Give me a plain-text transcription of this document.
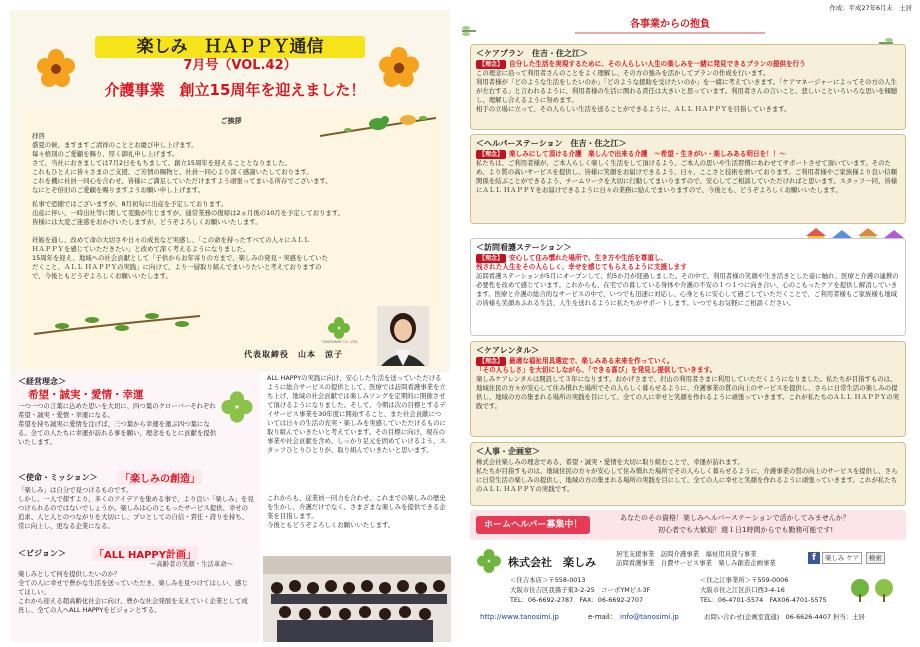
作成：平成27年6月末　土居
楽しみ　ＨＡＰＰＹ通信
7月号（VOL.42）
介護事業　創立15周年を迎えました！
ご挨拶
拝啓
盛夏の候、ますますご清祥のこととお慶び申し上げます。
毎々格別のご愛顧を賜り、厚く御礼申し上げます。
さて、当社におきましては7月2日をもちまして、創立15周年を迎えることとなりました。
これもひとえに皆々さまのご支援、ご芳情の賜物と、社員一同心より深く感謝いたしております。
これを機に社員一同心を合わせ、皆様にご満足していただけますよう頑張ってまいる所存でございます。
なにとぞ倍旧のご愛顧を賜りますようお願い申し上げます。
私事で恐縮ではございますが、8月初旬に出産を予定しております。
出産に伴い、一時出社等に関して変動が生じますが、通常業務の復帰は2ヵ月後の10月を予定しております。
皆様には大変ご迷惑をおかけいたしますが、どうぞよろしくお願いいたします。
妊娠を通し、改めて命の大切さや日々の成長など実感し、「この命を持ったすべての人々にＡＬＬ
ＨＡＰＰＹを感じていただきたい」と改めて深く考えるようになりました。
15周年を迎え、地域への社会貢献として「子供からお年寄りの方まで、楽しみの発見・実感をしていた
だくこと、ＡＬＬ ＨＡＰＰＹの実践」に向けて、より一層取り組んでまいりたいと考えておりますの
で、今後ともどうぞよろしくお願いいたします。
TANOSHIMI CO., LTD.
代表取締役　山本　涼子
＜経営理念＞
希望・誠実・愛情・幸運
一つ一つの言葉に込めた思いを大切に、四つ葉のクローバーそれぞれ希望・誠実・愛情・幸運になる。
希望を持ち誠実に愛情を注げば、三つ葉から幸運を運ぶ四つ葉になる。全ての人たちに幸運が訪れる事を願い、理念をもとに貢献を提供いたします。
＜使命・ミッション＞ 「楽しみの創造」
「楽しみ」は自分で見つけるものです。
しかし、一人で探すより、多くのアイデアを集める事で、より良い「楽しみ」を見つけられるのではないでしょうか。楽しみは心のこもったサービス提供、幸せの追求、人と人とのつながりを大切にし、プロとしての自信・責任・誇りを持ち、常に向上し、更なる企業になる。
＜ビジョン＞	「ALL HAPPY計画」
～高齢者の笑顔・生活革命～
楽しみとして何を提供したいのか？
全ての人に幸せで豊かな生活を送っていただき、楽しみを見つけてほしい、感じてほしい。
これから迎える超高齢化社会に向け、豊かな社会発展を支えていく企業として成長し、全ての人へALL HAPPYをビジョンとする。
ALL HAPPYの実践に向け、安心した生活を送っていただけるように総合サービスの提供として、医療では訪問看護事業を立ち上げ、地域の社会貢献では楽しみソングを定期的に開催させて頂けるようになりました。そして、今期は次の目標とするデイサービス事業を30年度に開始すること、また社会貢献については日々の生活の充実・楽しみを実感していただけるものに取り組んでいきたいと考えています。その目標に向け、現在の事業や社会貢献を含め、しっかり足元を固めていけるよう、スタッフひとりひとりが、取り組んでいきたいと思います。
これからも、従業員一同力を合わせ、これまでの楽しみの歴史を生かし、介護だけでなく、さまざまな楽しみを提供できる企業を目指します。
今後ともどうぞよろしくお願いいたします。
各事業からの抱負
＜ケアプラン　住吉・住之江＞
【理念】 自分した生活を実現するために、その人らしい人生の楽しみを一緒に発見できるプランの提供を行う
この理念に沿って利用者さんのことをよく理解し、その方の強みを活かしてプランの作成を行います。
利用者様が「どのような生活をしたいのか」「どのような援助を受けたいのか」を一緒に考えていきます。「ケアマネージャーによってその方の人生が左右する」と言われるように、利用者様の生活に関わる責任は大きいと思っています。利用者さんの言いこと、悲しいこといろいろな思いを傾聴し、理解し合えるように努めます。
相手の立場に立って、その人らしい生活を送ることができるように、ＡＬＬ ＨＡＰＰＹを目指していきます。
＜ヘルパーステーション　住吉・住之江＞
【理念】 楽しみにして頂ける介護　楽しんで出来る介護　～希望・生きがい・楽しみある明日を！！～
私たちは、ご利用者様が、ご本人らしく楽しく生活をして頂けるよう、ご本人の思いや生活習慣にあわせてサポートさせて頂いています。そのため、より質の高いサービスを提供し、皆様に笑顔をお届けできるよう、日々、ここさと技術を磨いております。ご利用者様やご家族様より良い信頼関係を結ぶことができるよう、チームワークを大切に行動してまいりますので、安心してご相談していただければと思います。スタッフ一同、皆様にＡＬＬ ＨＡＰＰＹをお届けできるように日々の業務に励んでまいりますので、今後とも、どうぞよろしくお願いいたします。
＜訪問看護ステーション＞
【理念】 安心して住み慣れた場所で、生き方や生活を尊重し、
残された人生をその人らしく、幸せを感じてもらえるように支援します
訪問看護ステーションが5月にオープンして、約5か月が経過しました。その中で、利用者様の笑顔や生き活きとした姿に触れ、医療と介護の連携の必要性を改めて感じています。これからも、在宅での暮している身体や介護の不安の１つ１つに向き合い、心のこもったケアを提供し解消していきます。医療と介護の総合的なサービスの中で、いつでも迅速に対応し、心身ともに安心して過ごしていただくことで、ご利用者様もご家族様も地域の皆様も笑顔あふれる生活、人生を送れるように私たちがサポートします。いつでもお気軽にご相談ください。
＜ケアレンタル＞
【理念】 最適な福祉用具選定で、楽しみある未来を作っていく。
「その人らしさ」を大切にしながら、「できる喜び」を発見し提供していきます。
楽しみケアレンタルは開設して３年になります。おかげさまで、沢山の利用者さまに利用していただくようになりました。私たちが目指すものは、地域住民の方々が安心して住み慣れた場所でその人らしく暮らせるように、介護事業の質の向上のサービスを提供し、さらに日常生活の楽しみの提供し、地域の方の集まれる場所の実践を目にして、全ての人に幸せと笑顔を作れるように頑張っていきます。これが私たちのＡＬＬ ＨＡＰＰＹの実践です。
＜人事・企画室＞
株式会社楽しみの理念である、希望・誠実・愛情を大切に取り組むことで、幸運が訪れます。
私たちが目指すものは、地域住民の方々が安心して住み慣れた場所でその人らしく暮らせるように、介護事業の質の向上のサービスを提供し、さらに日常生活の楽しみの提供し、地域の方の集まれる場所の実践を目にして、全ての人に幸せと笑顔を作れるように頑張っていきます。これが私たちのＡＬＬ ＨＡＰＰＹの実践です。
ホームヘルパー募集中！
あなたのその資格！楽しみヘルパーステーションで活かしてみませんか？
初心者でも大歓迎！週１日1時間からでも勤務可能です!
株式会社　楽しみ
居宅支援事業　訪問介護事業　福祉用具貸与事業
訪問看護事業　自費サービス事業　楽しみ創造企画事業	f	楽しみ ケア	検索
＜住吉本店＞〒558-0013
大阪市住吉区我孫子東3-2-25　コーポYMビル3F
TEL：06-6692-2787　FAX：06-6692-2707
＜住之江事業所＞〒559-0006
大阪市住之江区浜口西3-4-16
TEL：06-4701-5574　FAX06-4701-5575
http://www.tanosimi.jp	e-mail： info@tanosimi.jp	お問い合わせ(企画室直通)　06-6626-4407 担当：土居
